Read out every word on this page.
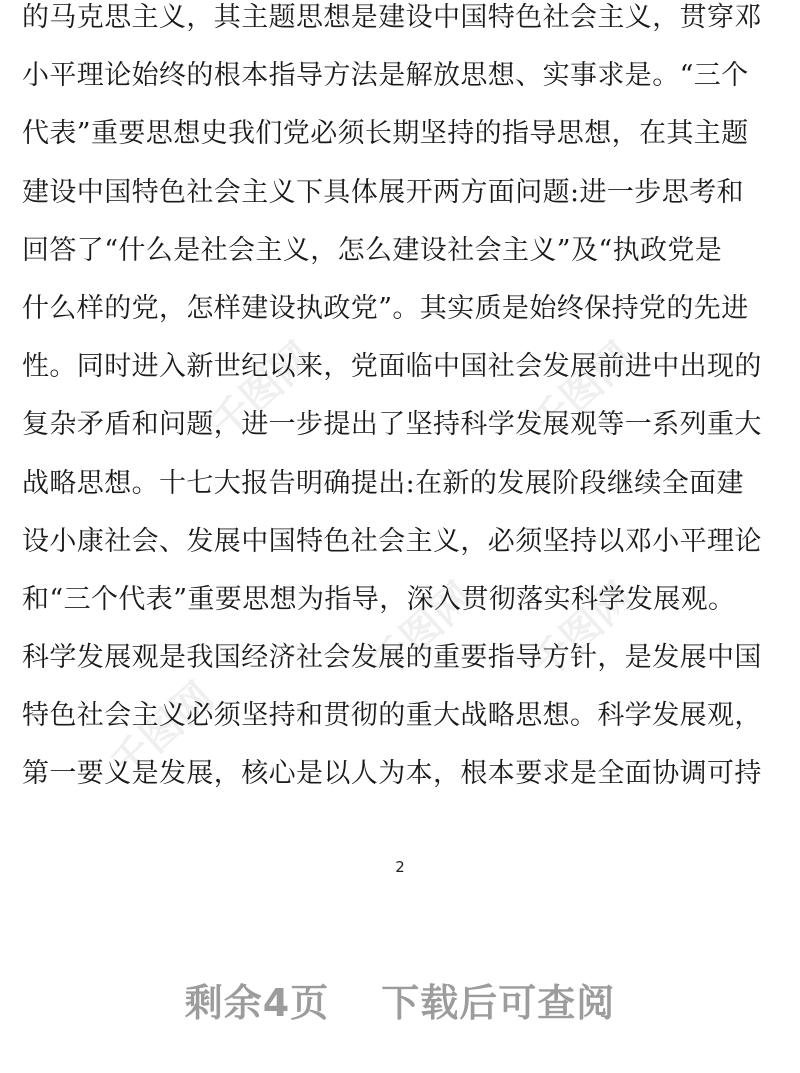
千图网	千图网
千图网 千图网
千图网
的马克思主义，其主题思想是建设中国特色社会主义，贯穿邓
小平理论始终的根本指导方法是解放思想、实事求是。“三个
代表”重要思想史我们党必须长期坚持的指导思想，在其主题
建设中国特色社会主义下具体展开两方面问题:进一步思考和
回答了“什么是社会主义，怎么建设社会主义”及“执政党是
什么样的党，怎样建设执政党”。其实质是始终保持党的先进
性。同时进入新世纪以来，党面临中国社会发展前进中出现的
复杂矛盾和问题，进一步提出了坚持科学发展观等一系列重大
战略思想。十七大报告明确提出:在新的发展阶段继续全面建
设小康社会、发展中国特色社会主义，必须坚持以邓小平理论
和“三个代表”重要思想为指导，深入贯彻落实科学发展观。
科学发展观是我国经济社会发展的重要指导方针，是发展中国
特色社会主义必须坚持和贯彻的重大战略思想。科学发展观，
第一要义是发展，核心是以人为本，根本要求是全面协调可持
2
剩余4页 下载后可查阅
